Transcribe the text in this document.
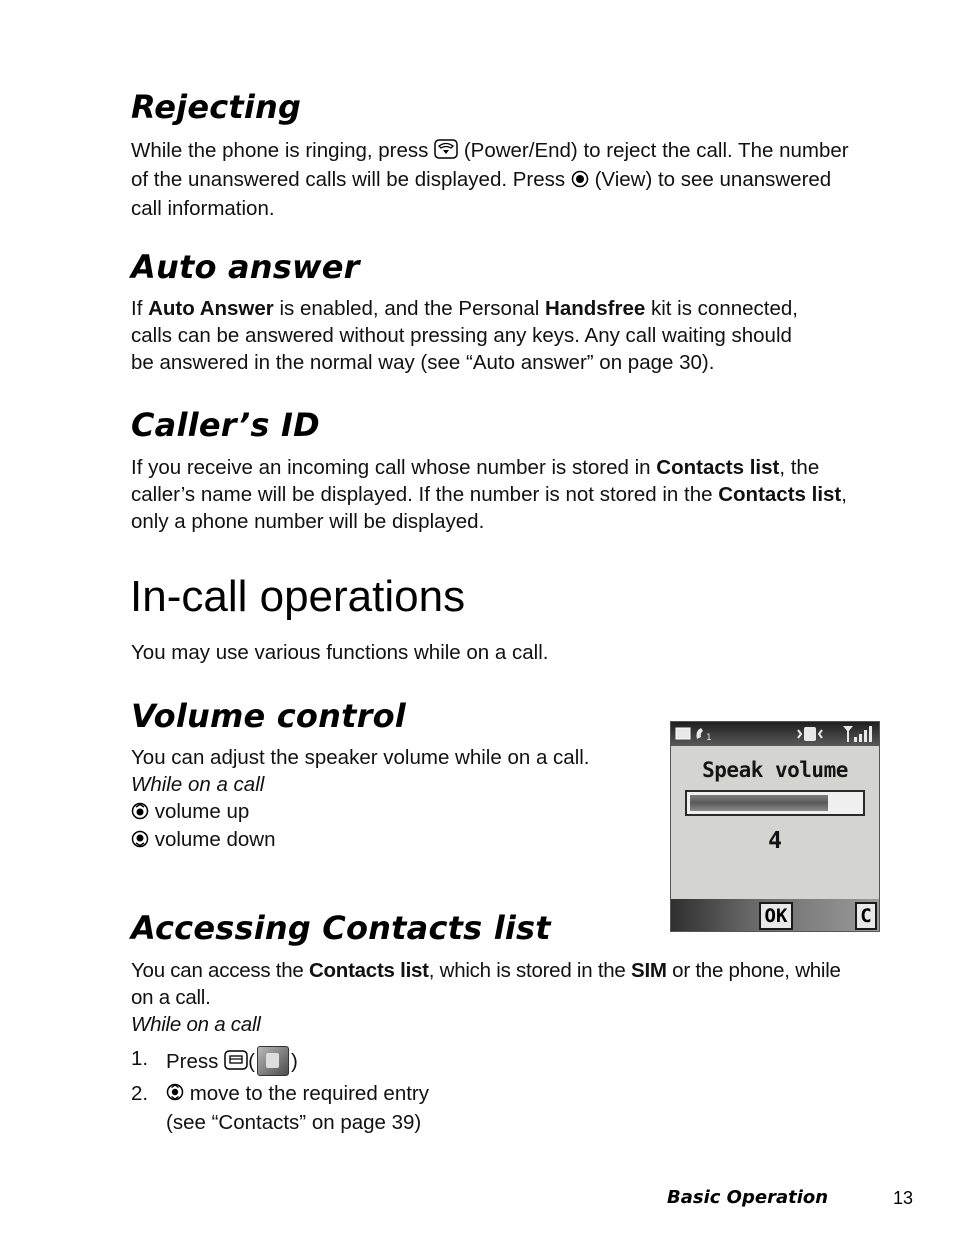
Rejecting

While the phone is ringing, press (Power/End) to reject the call. The number
of the unanswered calls will be displayed. Press (View) to see unanswered
call information.

Auto answer

If Auto Answer is enabled, and the Personal Handsfree kit is connected,
calls can be answered without pressing any keys. Any call waiting should
be answered in the normal way (see “Auto answer” on page 30).

Caller’s ID

If you receive an incoming call whose number is stored in Contacts list, the
caller’s name will be displayed. If the number is not stored in the Contacts list,
only a phone number will be displayed.

In-call operations

You may use various functions while on a call.

Volume control

You can adjust the speaker volume while on a call.
While on a call
volume up
volume down

1
Speak volume
4
OK	C
Accessing Contacts list

You can access the Contacts list, which is stored in the SIM or the phone, while
on a call.
While on a call

1. Press ( )
2. move to the required entry
(see “Contacts” on page 39)
Basic Operation	13
